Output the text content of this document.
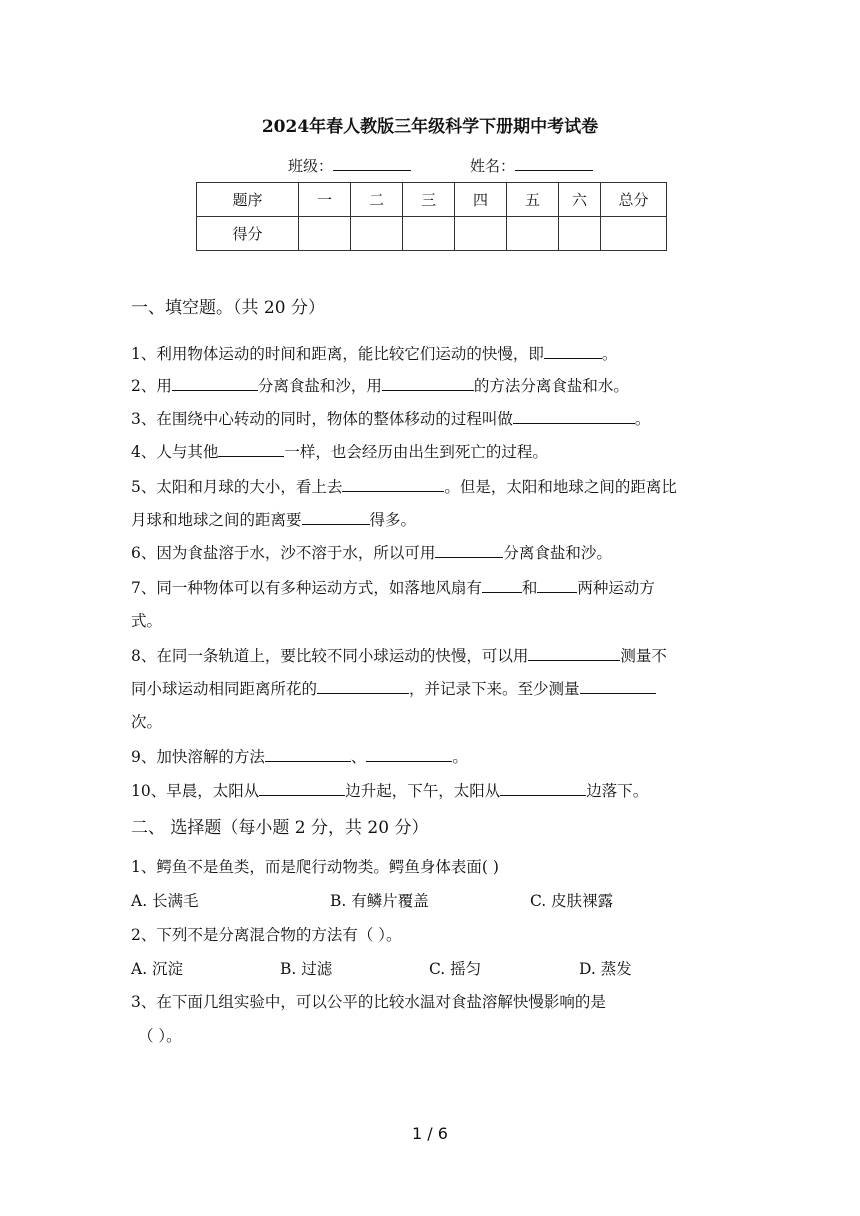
2024年春人教版三年级科学下册期中考试卷
班级：	姓名：
题序	一	二	三	四	五	六	总分
得分							
一、填空题。（共 20 分）
1、利用物体运动的时间和距离，能比较它们运动的快慢，即	。
2、用	分离食盐和沙，用	的方法分离食盐和水。
3、在围绕中心转动的同时，物体的整体移动的过程叫做	。
4、人与其他	一样，也会经历由出生到死亡的过程。
5、太阳和月球的大小，看上去	。但是，太阳和地球之间的距离比
月球和地球之间的距离要	得多。
6、因为食盐溶于水，沙不溶于水，所以可用	分离食盐和沙。
7、同一种物体可以有多种运动方式，如落地风扇有	和	两种运动方
式。
8、在同一条轨道上，要比较不同小球运动的快慢，可以用	测量不
同小球运动相同距离所花的	，并记录下来。至少测量
次。
9、加快溶解的方法	、	。
10、早晨，太阳从	边升起，下午，太阳从	边落下。
二、 选择题（每小题 2 分，共 20 分）
1、鳄鱼不是鱼类，而是爬行动物类。鳄鱼身体表面( )
A. 长满毛	B. 有鳞片覆盖	C. 皮肤裸露
2、下列不是分离混合物的方法有（ ）。
A. 沉淀	B. 过滤	C. 摇匀	D. 蒸发
3、在下面几组实验中，可以公平的比较水温对食盐溶解快慢影响的是
（ ）。
1 / 6
